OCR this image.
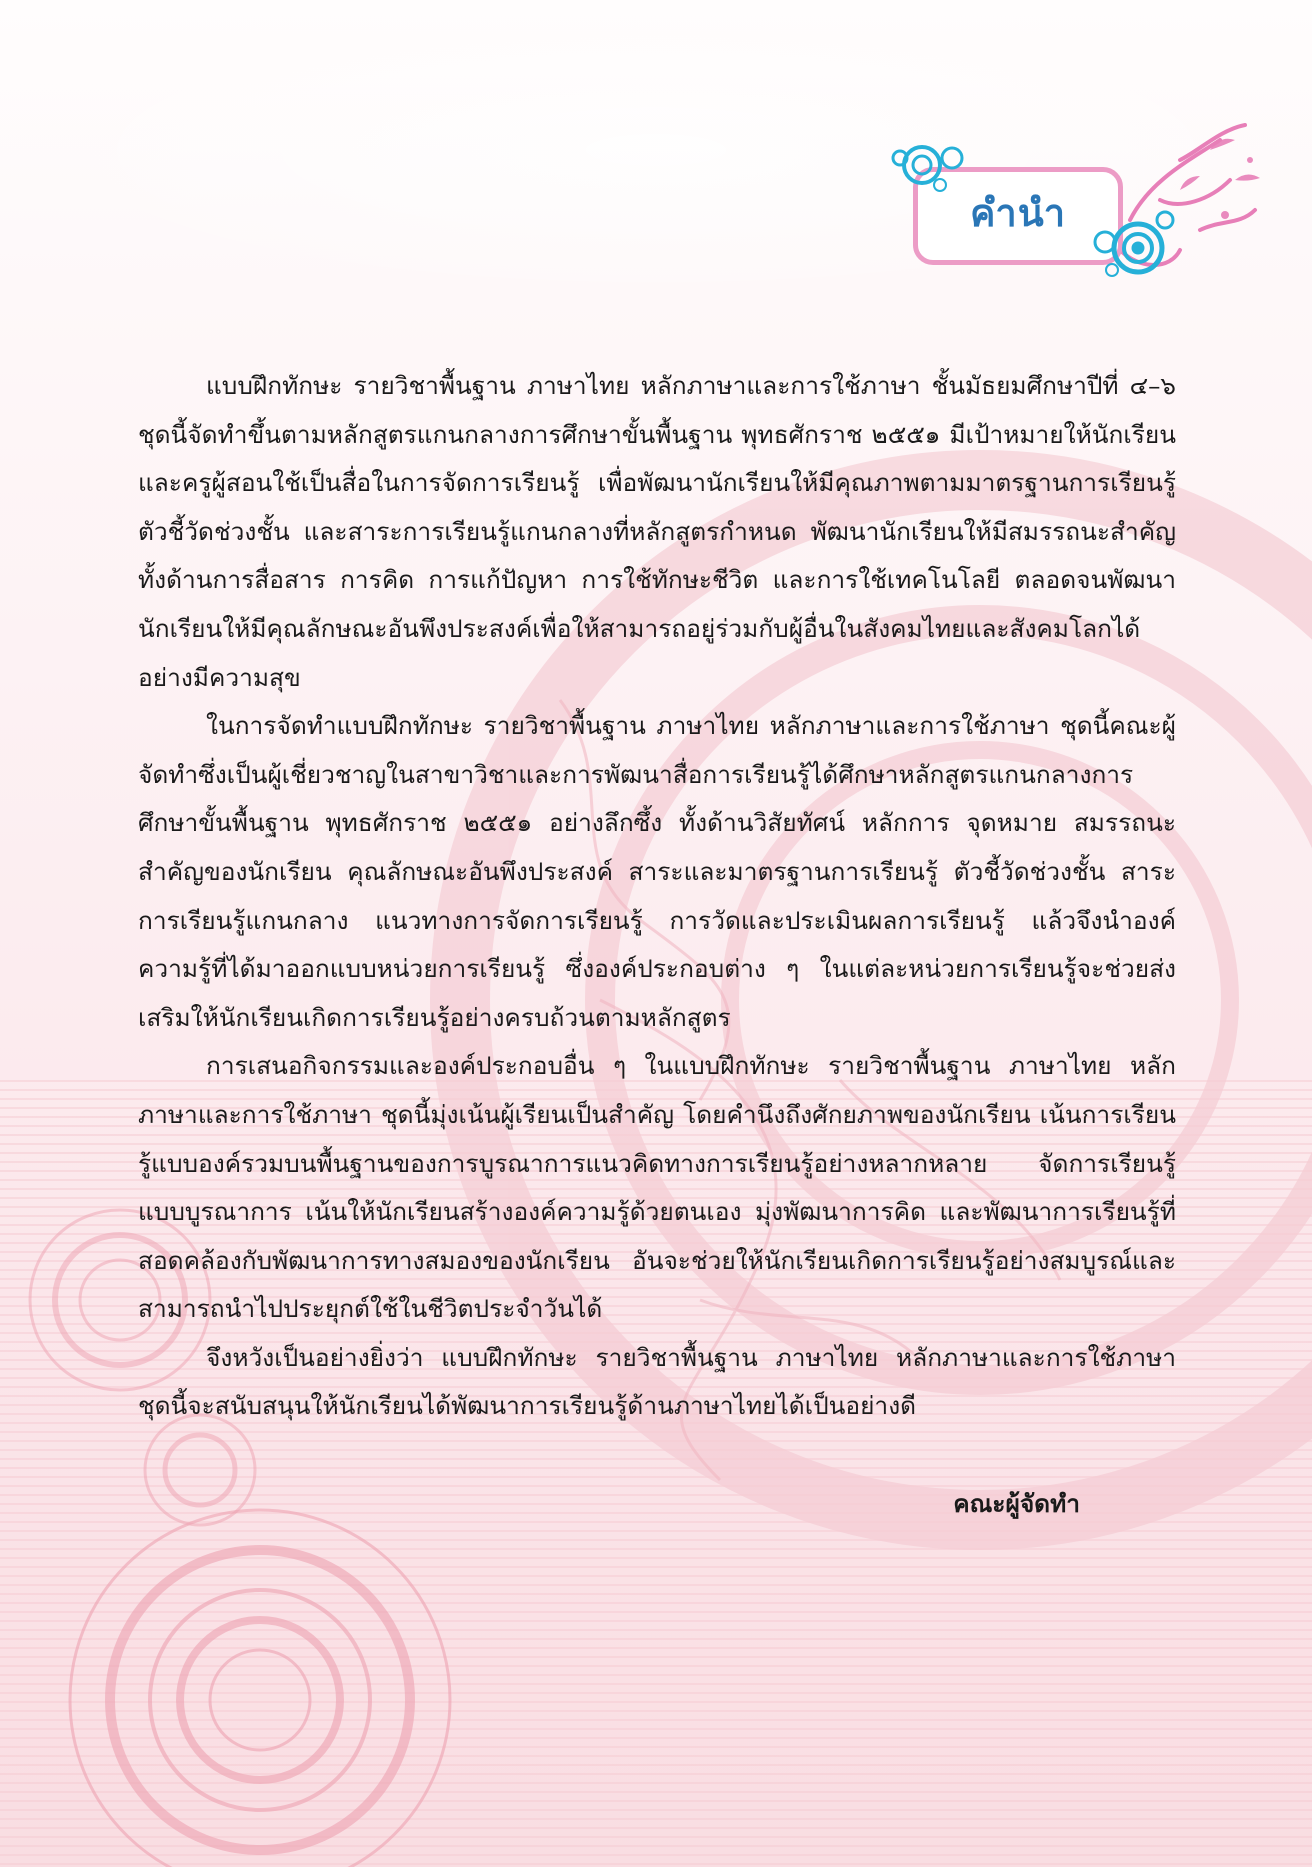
คำนำ

แบบฝึกทักษะ รายวิชาพื้นฐาน ภาษาไทย หลักภาษาและการใช้ภาษา ชั้นมัธยมศึกษาปีที่ ๔–๖ ชุดนี้จัดทำขึ้นตามหลักสูตรแกนกลางการศึกษาขั้นพื้นฐาน พุทธศักราช ๒๕๕๑ มีเป้าหมายให้นักเรียนและครูผู้สอนใช้เป็นสื่อในการจัดการเรียนรู้ เพื่อพัฒนานักเรียนให้มีคุณภาพตามมาตรฐานการเรียนรู้ ตัวชี้วัดช่วงชั้น และสาระการเรียนรู้แกนกลางที่หลักสูตรกำหนด พัฒนานักเรียนให้มีสมรรถนะสำคัญทั้งด้านการสื่อสาร การคิด การแก้ปัญหา การใช้ทักษะชีวิต และการใช้เทคโนโลยี ตลอดจนพัฒนานักเรียนให้มีคุณลักษณะอันพึงประสงค์เพื่อให้สามารถอยู่ร่วมกับผู้อื่นในสังคมไทยและสังคมโลกได้อย่างมีความสุข

ในการจัดทำแบบฝึกทักษะ รายวิชาพื้นฐาน ภาษาไทย หลักภาษาและการใช้ภาษา ชุดนี้คณะผู้จัดทำซึ่งเป็นผู้เชี่ยวชาญในสาขาวิชาและการพัฒนาสื่อการเรียนรู้ได้ศึกษาหลักสูตรแกนกลางการศึกษาขั้นพื้นฐาน พุทธศักราช ๒๕๕๑ อย่างลึกซึ้ง ทั้งด้านวิสัยทัศน์ หลักการ จุดหมาย สมรรถนะสำคัญของนักเรียน คุณลักษณะอันพึงประสงค์ สาระและมาตรฐานการเรียนรู้ ตัวชี้วัดช่วงชั้น สาระการเรียนรู้แกนกลาง แนวทางการจัดการเรียนรู้ การวัดและประเมินผลการเรียนรู้ แล้วจึงนำองค์ความรู้ที่ได้มาออกแบบหน่วยการเรียนรู้ ซึ่งองค์ประกอบต่าง ๆ ในแต่ละหน่วยการเรียนรู้จะช่วยส่งเสริมให้นักเรียนเกิดการเรียนรู้อย่างครบถ้วนตามหลักสูตร

การเสนอกิจกรรมและองค์ประกอบอื่น ๆ ในแบบฝึกทักษะ รายวิชาพื้นฐาน ภาษาไทย หลักภาษาและการใช้ภาษา ชุดนี้มุ่งเน้นผู้เรียนเป็นสำคัญ โดยคำนึงถึงศักยภาพของนักเรียน เน้นการเรียนรู้แบบองค์รวมบนพื้นฐานของการบูรณาการแนวคิดทางการเรียนรู้อย่างหลากหลาย จัดการเรียนรู้แบบบูรณาการ เน้นให้นักเรียนสร้างองค์ความรู้ด้วยตนเอง มุ่งพัฒนาการคิด และพัฒนาการเรียนรู้ที่สอดคล้องกับพัฒนาการทางสมองของนักเรียน อันจะช่วยให้นักเรียนเกิดการเรียนรู้อย่างสมบูรณ์และสามารถนำไปประยุกต์ใช้ในชีวิตประจำวันได้

จึงหวังเป็นอย่างยิ่งว่า แบบฝึกทักษะ รายวิชาพื้นฐาน ภาษาไทย หลักภาษาและการใช้ภาษา ชุดนี้จะสนับสนุนให้นักเรียนได้พัฒนาการเรียนรู้ด้านภาษาไทยได้เป็นอย่างดี

คณะผู้จัดทำ
